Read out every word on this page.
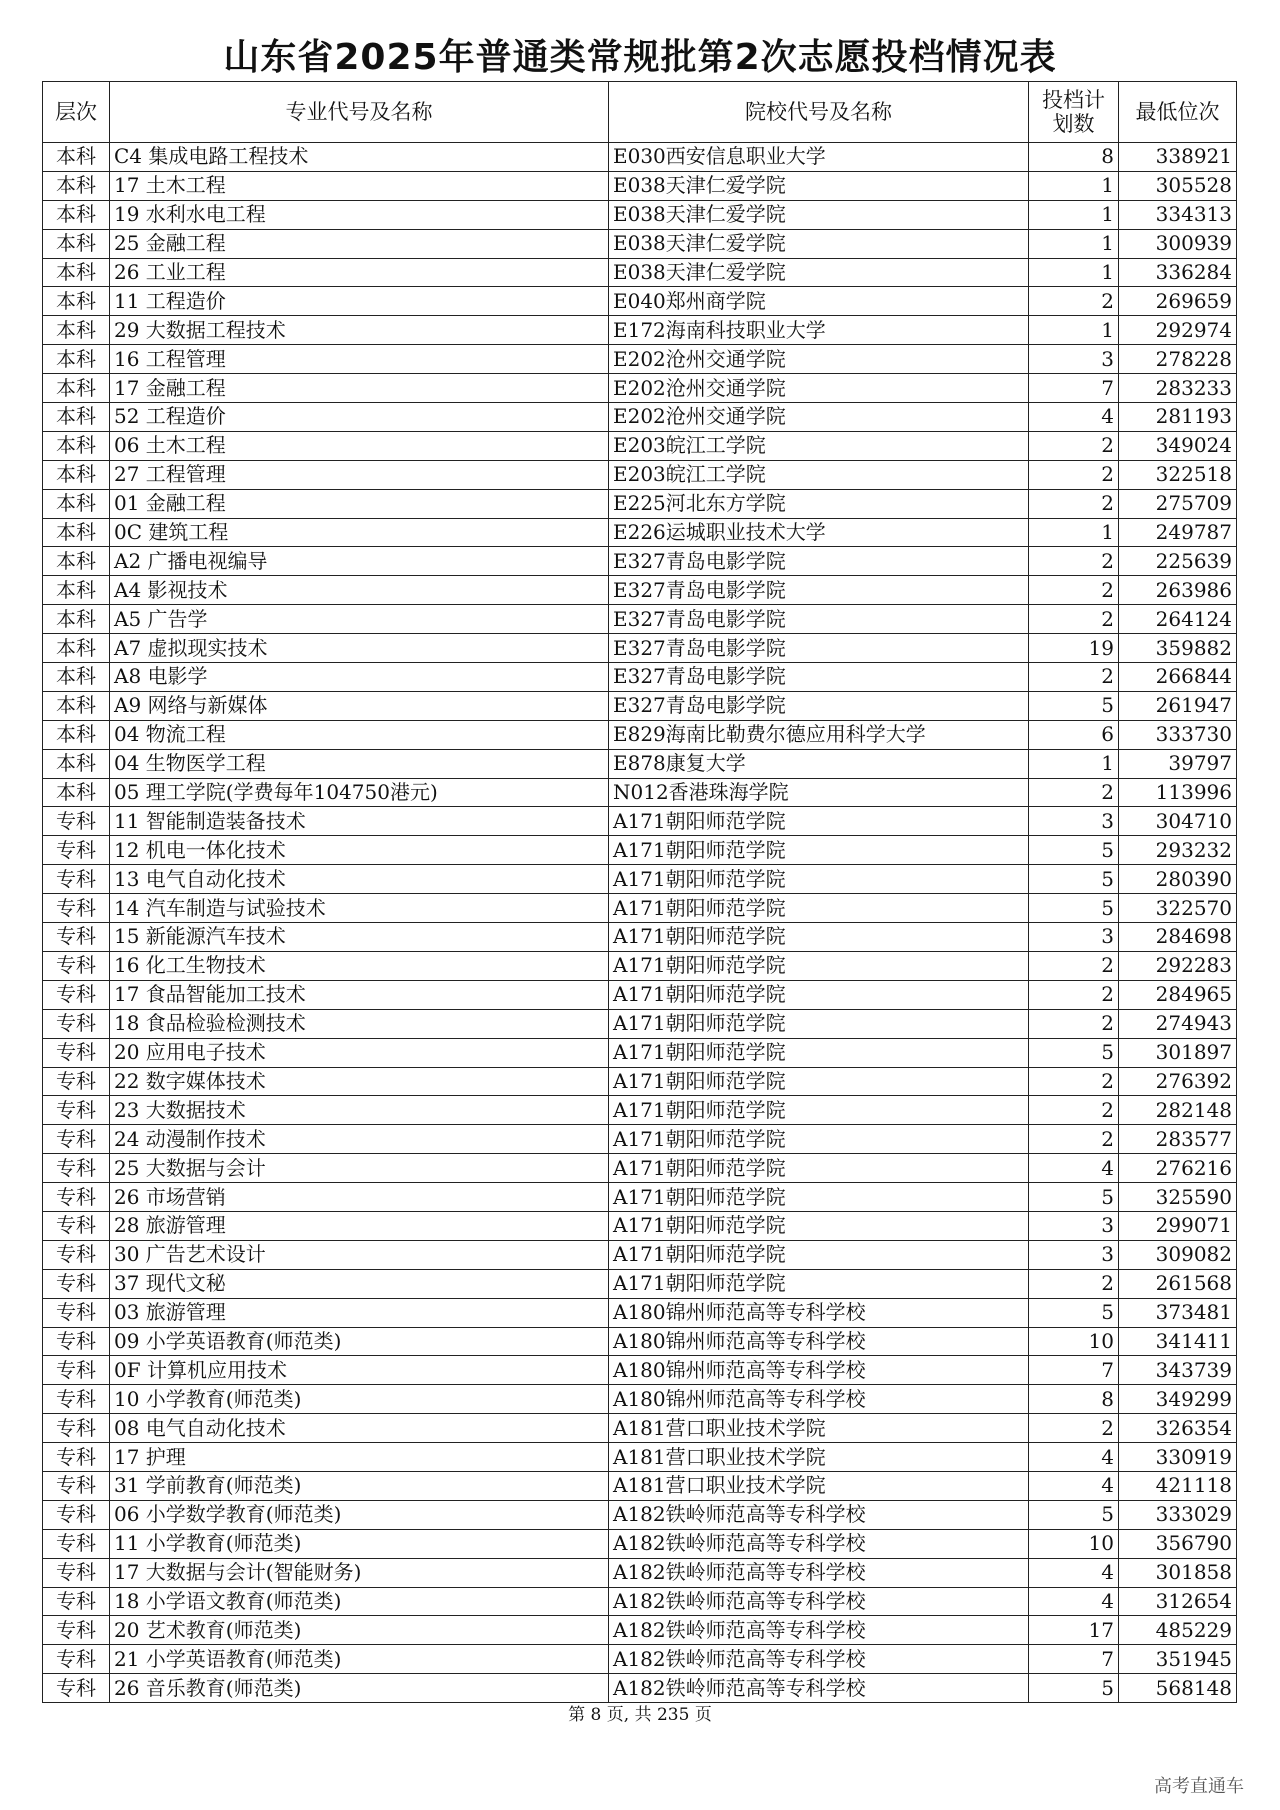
山东省2025年普通类常规批第2次志愿投档情况表
层次	专业代号及名称	院校代号及名称	投档计划数	最低位次
本科	C4 集成电路工程技术	E030西安信息职业大学	8	338921
本科	17 土木工程	E038天津仁爱学院	1	305528
本科	19 水利水电工程	E038天津仁爱学院	1	334313
本科	25 金融工程	E038天津仁爱学院	1	300939
本科	26 工业工程	E038天津仁爱学院	1	336284
本科	11 工程造价	E040郑州商学院	2	269659
本科	29 大数据工程技术	E172海南科技职业大学	1	292974
本科	16 工程管理	E202沧州交通学院	3	278228
本科	17 金融工程	E202沧州交通学院	7	283233
本科	52 工程造价	E202沧州交通学院	4	281193
本科	06 土木工程	E203皖江工学院	2	349024
本科	27 工程管理	E203皖江工学院	2	322518
本科	01 金融工程	E225河北东方学院	2	275709
本科	0C 建筑工程	E226运城职业技术大学	1	249787
本科	A2 广播电视编导	E327青岛电影学院	2	225639
本科	A4 影视技术	E327青岛电影学院	2	263986
本科	A5 广告学	E327青岛电影学院	2	264124
本科	A7 虚拟现实技术	E327青岛电影学院	19	359882
本科	A8 电影学	E327青岛电影学院	2	266844
本科	A9 网络与新媒体	E327青岛电影学院	5	261947
本科	04 物流工程	E829海南比勒费尔德应用科学大学	6	333730
本科	04 生物医学工程	E878康复大学	1	39797
本科	05 理工学院(学费每年104750港元)	N012香港珠海学院	2	113996
专科	11 智能制造装备技术	A171朝阳师范学院	3	304710
专科	12 机电一体化技术	A171朝阳师范学院	5	293232
专科	13 电气自动化技术	A171朝阳师范学院	5	280390
专科	14 汽车制造与试验技术	A171朝阳师范学院	5	322570
专科	15 新能源汽车技术	A171朝阳师范学院	3	284698
专科	16 化工生物技术	A171朝阳师范学院	2	292283
专科	17 食品智能加工技术	A171朝阳师范学院	2	284965
专科	18 食品检验检测技术	A171朝阳师范学院	2	274943
专科	20 应用电子技术	A171朝阳师范学院	5	301897
专科	22 数字媒体技术	A171朝阳师范学院	2	276392
专科	23 大数据技术	A171朝阳师范学院	2	282148
专科	24 动漫制作技术	A171朝阳师范学院	2	283577
专科	25 大数据与会计	A171朝阳师范学院	4	276216
专科	26 市场营销	A171朝阳师范学院	5	325590
专科	28 旅游管理	A171朝阳师范学院	3	299071
专科	30 广告艺术设计	A171朝阳师范学院	3	309082
专科	37 现代文秘	A171朝阳师范学院	2	261568
专科	03 旅游管理	A180锦州师范高等专科学校	5	373481
专科	09 小学英语教育(师范类)	A180锦州师范高等专科学校	10	341411
专科	0F 计算机应用技术	A180锦州师范高等专科学校	7	343739
专科	10 小学教育(师范类)	A180锦州师范高等专科学校	8	349299
专科	08 电气自动化技术	A181营口职业技术学院	2	326354
专科	17 护理	A181营口职业技术学院	4	330919
专科	31 学前教育(师范类)	A181营口职业技术学院	4	421118
专科	06 小学数学教育(师范类)	A182铁岭师范高等专科学校	5	333029
专科	11 小学教育(师范类)	A182铁岭师范高等专科学校	10	356790
专科	17 大数据与会计(智能财务)	A182铁岭师范高等专科学校	4	301858
专科	18 小学语文教育(师范类)	A182铁岭师范高等专科学校	4	312654
专科	20 艺术教育(师范类)	A182铁岭师范高等专科学校	17	485229
专科	21 小学英语教育(师范类)	A182铁岭师范高等专科学校	7	351945
专科	26 音乐教育(师范类)	A182铁岭师范高等专科学校	5	568148
第 8 页, 共 235 页
高考直通车
